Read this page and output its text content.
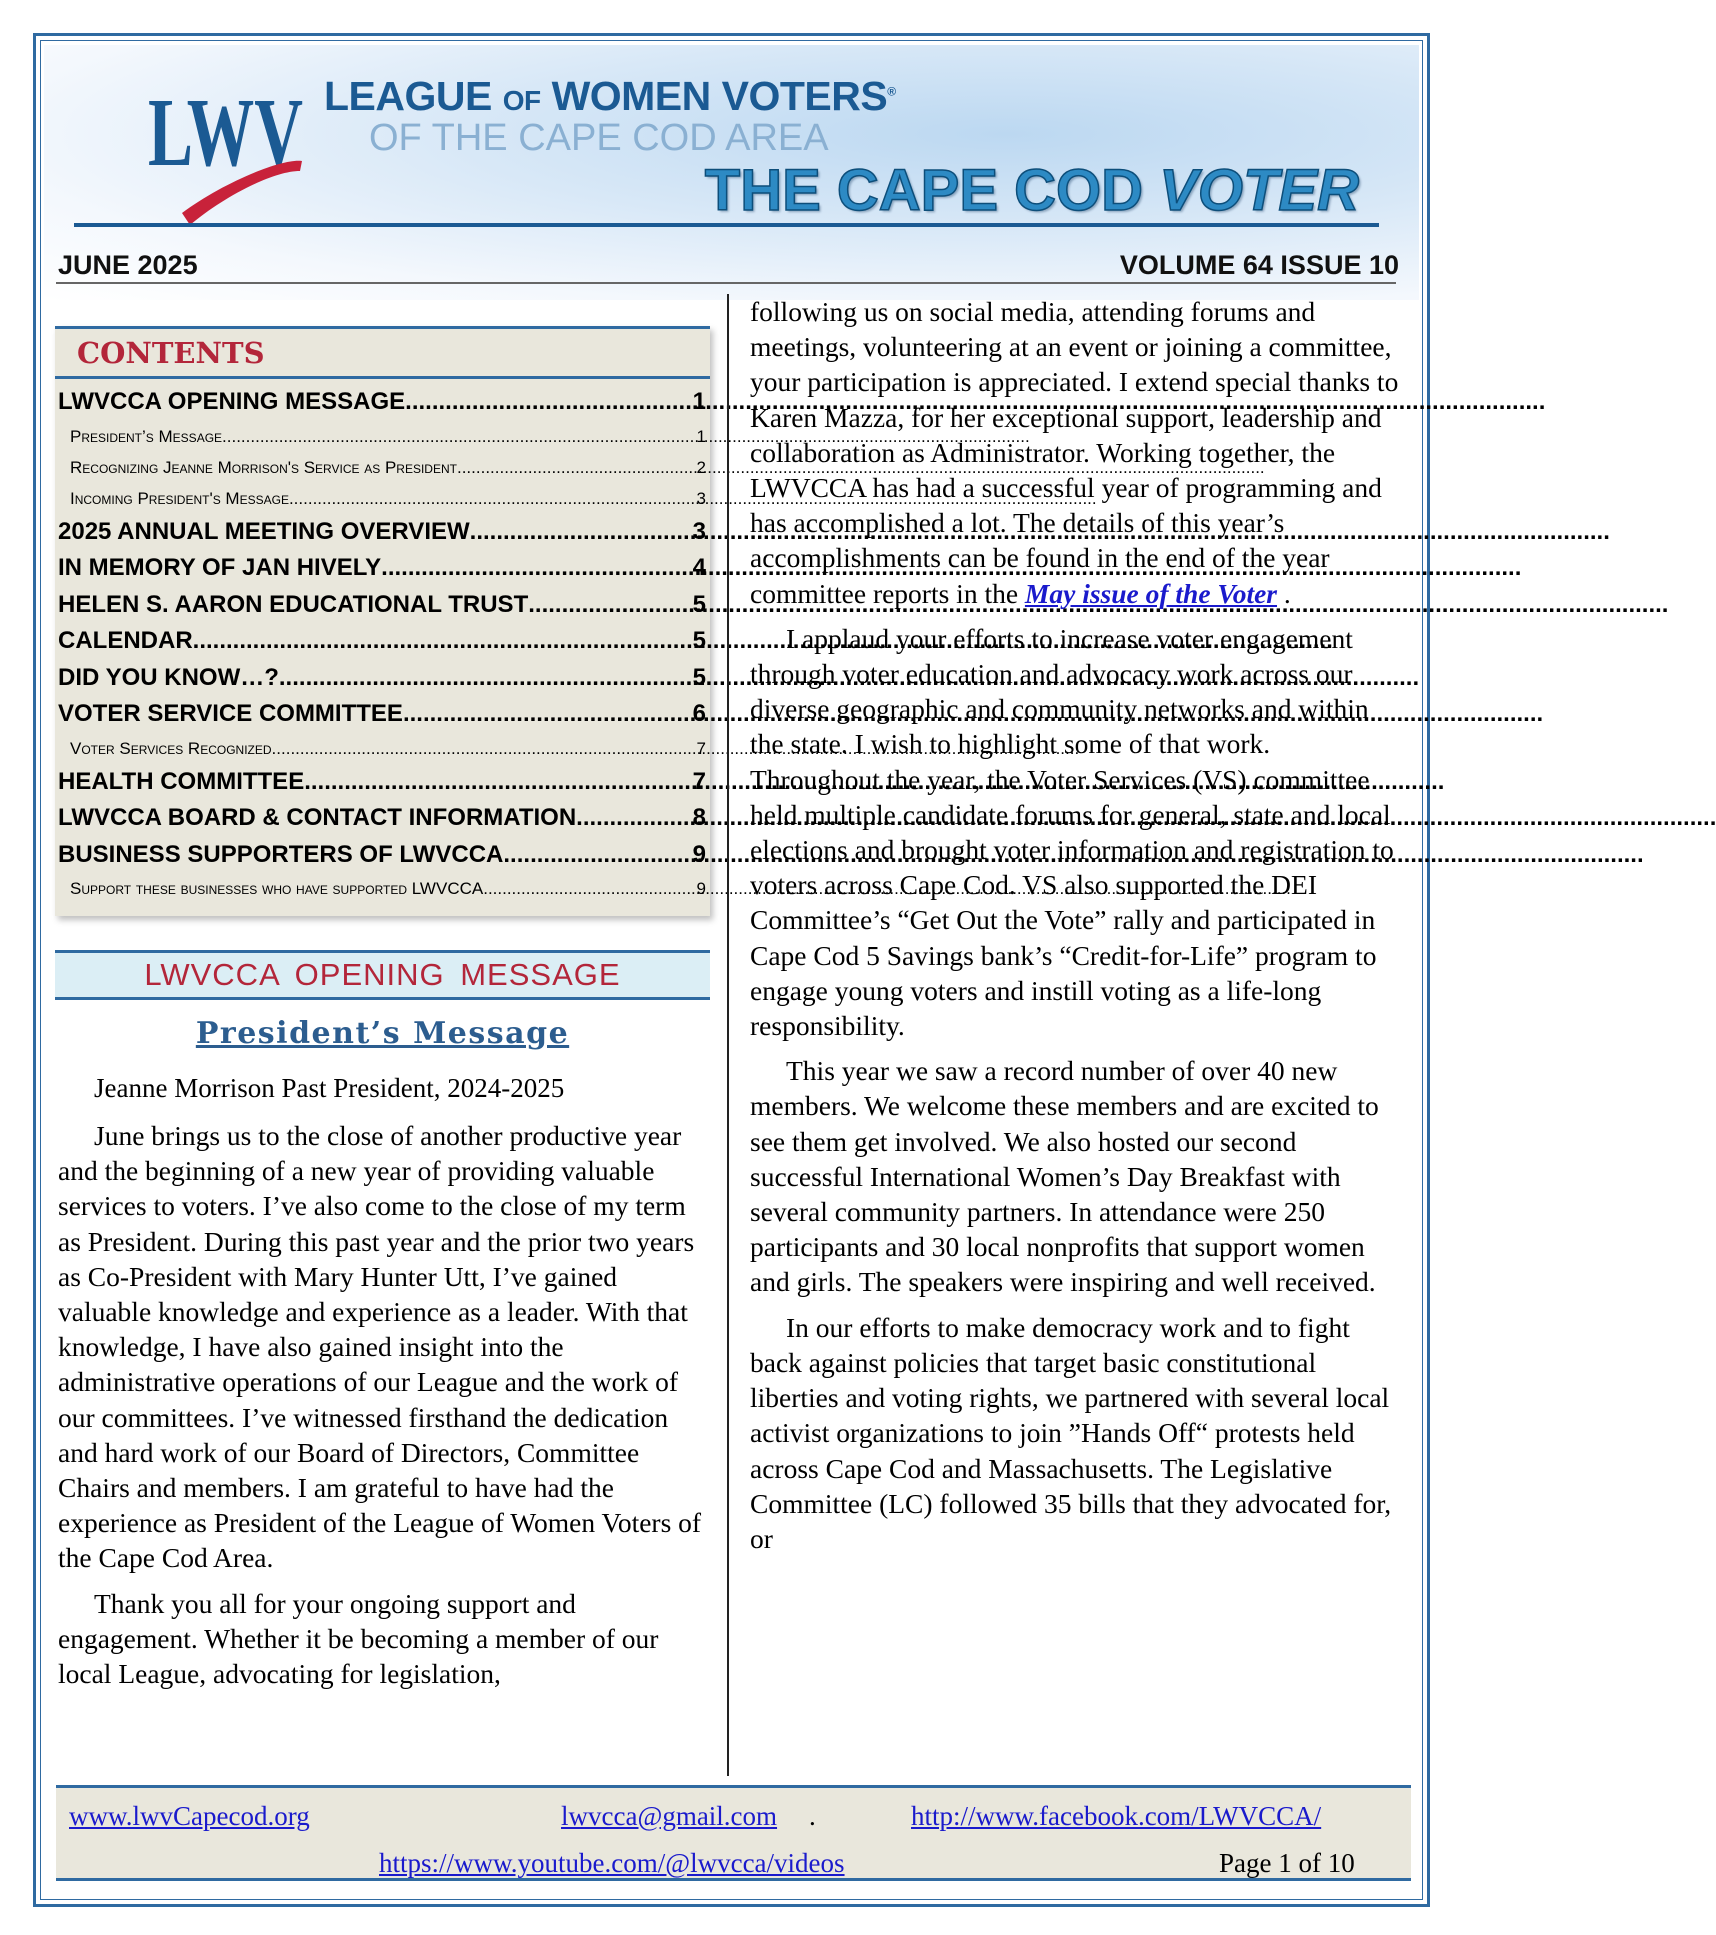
LWV LEAGUE OF WOMEN VOTERS®
OF THE CAPE COD AREA
THE CAPE COD VOTER
JUNE 2025	VOLUME 64 ISSUE 10
CONTENTS
LWVCCA OPENING MESSAGE .....	1
President’s Message .....	1
Recognizing Jeanne Morrison's Service as President .....	2
Incoming President's Message .....	3
2025 ANNUAL MEETING OVERVIEW .....	3
IN MEMORY OF JAN HIVELY .....	4
HELEN S. AARON EDUCATIONAL TRUST .....	5
CALENDAR .....	5
DID YOU KNOW…? .....	5
VOTER SERVICE COMMITTEE .....	6
Voter Services Recognized .....	7
HEALTH COMMITTEE .....	7
LWVCCA BOARD & CONTACT INFORMATION .....	8
BUSINESS SUPPORTERS OF LWVCCA .....	9
Support these businesses who have supported LWVCCA .....	9
LWVCCA OPENING MESSAGE
President’s Message
Jeanne Morrison Past President, 2024-2025

June brings us to the close of another productive year and the beginning of a new year of providing valuable services to voters. I’ve also come to the close of my term as President. During this past year and the prior two years as Co-President with Mary Hunter Utt, I’ve gained valuable knowledge and experience as a leader. With that knowledge, I have also gained insight into the administrative operations of our League and the work of our committees. I’ve witnessed firsthand the dedication and hard work of our Board of Directors, Committee Chairs and members. I am grateful to have had the experience as President of the League of Women Voters of the Cape Cod Area.

Thank you all for your ongoing support and engagement. Whether it be becoming a member of our local League, advocating for legislation,

following us on social media, attending forums and meetings, volunteering at an event or joining a committee, your participation is appreciated. I extend special thanks to Karen Mazza, for her exceptional support, leadership and collaboration as Administrator. Working together, the LWVCCA has had a successful year of programming and has accomplished a lot. The details of this year’s accomplishments can be found in the end of the year committee reports in the May issue of the Voter .

I applaud your efforts to increase voter engagement through voter education and advocacy work across our diverse geographic and community networks and within the state. I wish to highlight some of that work. Throughout the year, the Voter Services (VS) committee held multiple candidate forums for general, state and local elections and brought voter information and registration to voters across Cape Cod. VS also supported the DEI Committee’s “Get Out the Vote” rally and participated in Cape Cod 5 Savings bank’s “Credit-for-Life” program to engage young voters and instill voting as a life-long responsibility.

This year we saw a record number of over 40 new members. We welcome these members and are excited to see them get involved. We also hosted our second successful International Women’s Day Breakfast with several community partners. In attendance were 250 participants and 30 local nonprofits that support women and girls. The speakers were inspiring and well received.

In our efforts to make democracy work and to fight back against policies that target basic constitutional liberties and voting rights, we partnered with several local activist organizations to join ”Hands Off“ protests held across Cape Cod and Massachusetts. The Legislative Committee (LC) followed 35 bills that they advocated for, or

www.lwvCapecod.org	lwvcca@gmail.com .	http://www.facebook.com/LWVCCA/
https://www.youtube.com/@lwvcca/videos	Page 1 of 10
